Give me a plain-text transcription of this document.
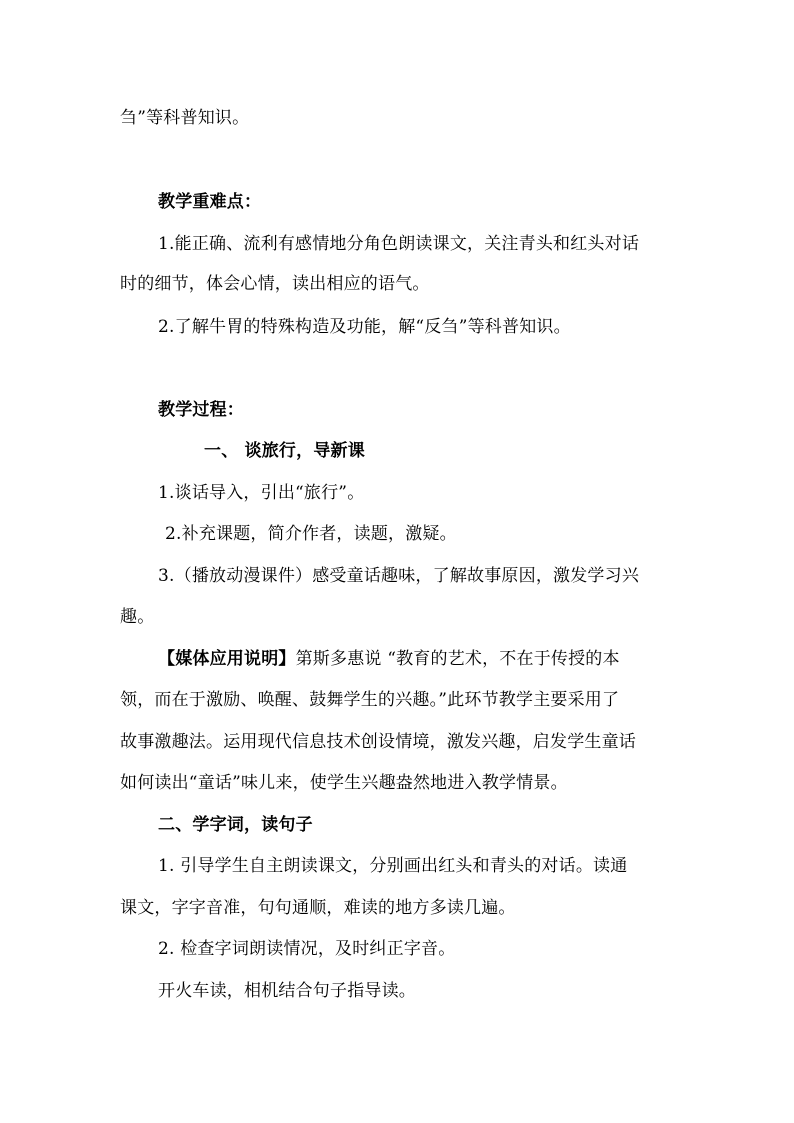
刍”等科普知识。
教学重难点：
1.能正确、流利有感情地分角色朗读课文，关注青头和红头对话
时的细节，体会心情，读出相应的语气。
2.了解牛胃的特殊构造及功能，解“反刍”等科普知识。
教学过程：
一、 谈旅行，导新课
1.谈话导入，引出“旅行”。
2.补充课题，简介作者，读题，激疑。
3.（播放动漫课件）感受童话趣味，了解故事原因，激发学习兴
趣。
【媒体应用说明】第斯多惠说 “教育的艺术，不在于传授的本
领，而在于激励、唤醒、鼓舞学生的兴趣。”此环节教学主要采用了
故事激趣法。运用现代信息技术创设情境，激发兴趣，启发学生童话
如何读出“童话”味儿来，使学生兴趣盎然地进入教学情景。
二、学字词，读句子
1. 引导学生自主朗读课文，分别画出红头和青头的对话。读通
课文，字字音准，句句通顺，难读的地方多读几遍。
2. 检查字词朗读情况，及时纠正字音。
开火车读，相机结合句子指导读。
